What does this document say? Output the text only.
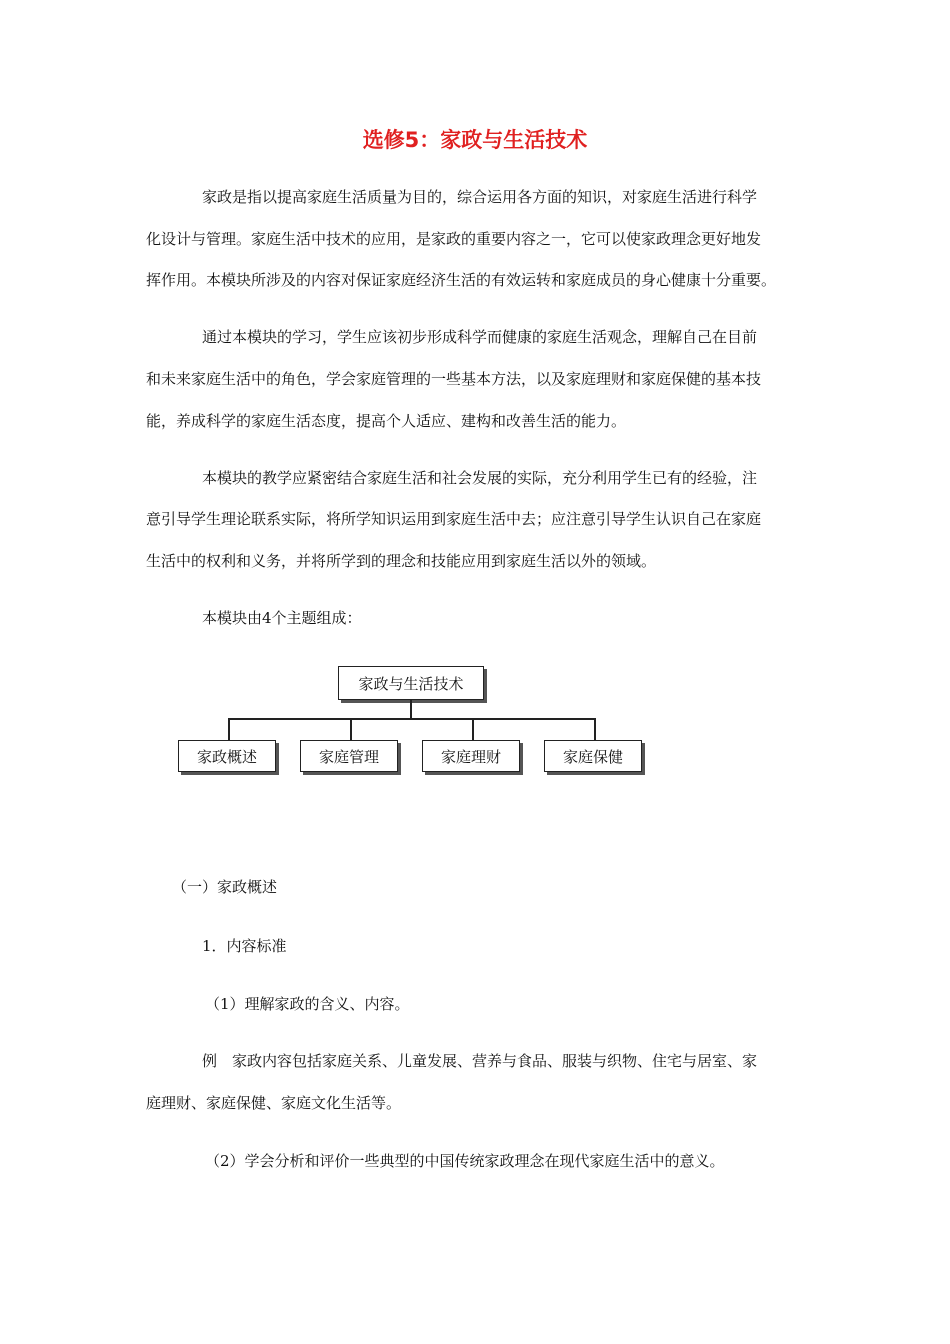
选修5：家政与生活技术
家政是指以提高家庭生活质量为目的，综合运用各方面的知识，对家庭生活进行科学
化设计与管理。家庭生活中技术的应用，是家政的重要内容之一，它可以使家政理念更好地发
挥作用。本模块所涉及的内容对保证家庭经济生活的有效运转和家庭成员的身心健康十分重要。
通过本模块的学习，学生应该初步形成科学而健康的家庭生活观念，理解自己在目前
和未来家庭生活中的角色，学会家庭管理的一些基本方法，以及家庭理财和家庭保健的基本技
能，养成科学的家庭生活态度，提高个人适应、建构和改善生活的能力。
本模块的教学应紧密结合家庭生活和社会发展的实际，充分利用学生已有的经验，注
意引导学生理论联系实际，将所学知识运用到家庭生活中去；应注意引导学生认识自己在家庭
生活中的权利和义务，并将所学到的理念和技能应用到家庭生活以外的领域。
本模块由4个主题组成：
家政与生活技术
家政概述	家庭管理	家庭理财	家庭保健
（一）家政概述
1．内容标准
（1）理解家政的含义、内容。
例　家政内容包括家庭关系、儿童发展、营养与食品、服装与织物、住宅与居室、家
庭理财、家庭保健、家庭文化生活等。
（2）学会分析和评价一些典型的中国传统家政理念在现代家庭生活中的意义。
